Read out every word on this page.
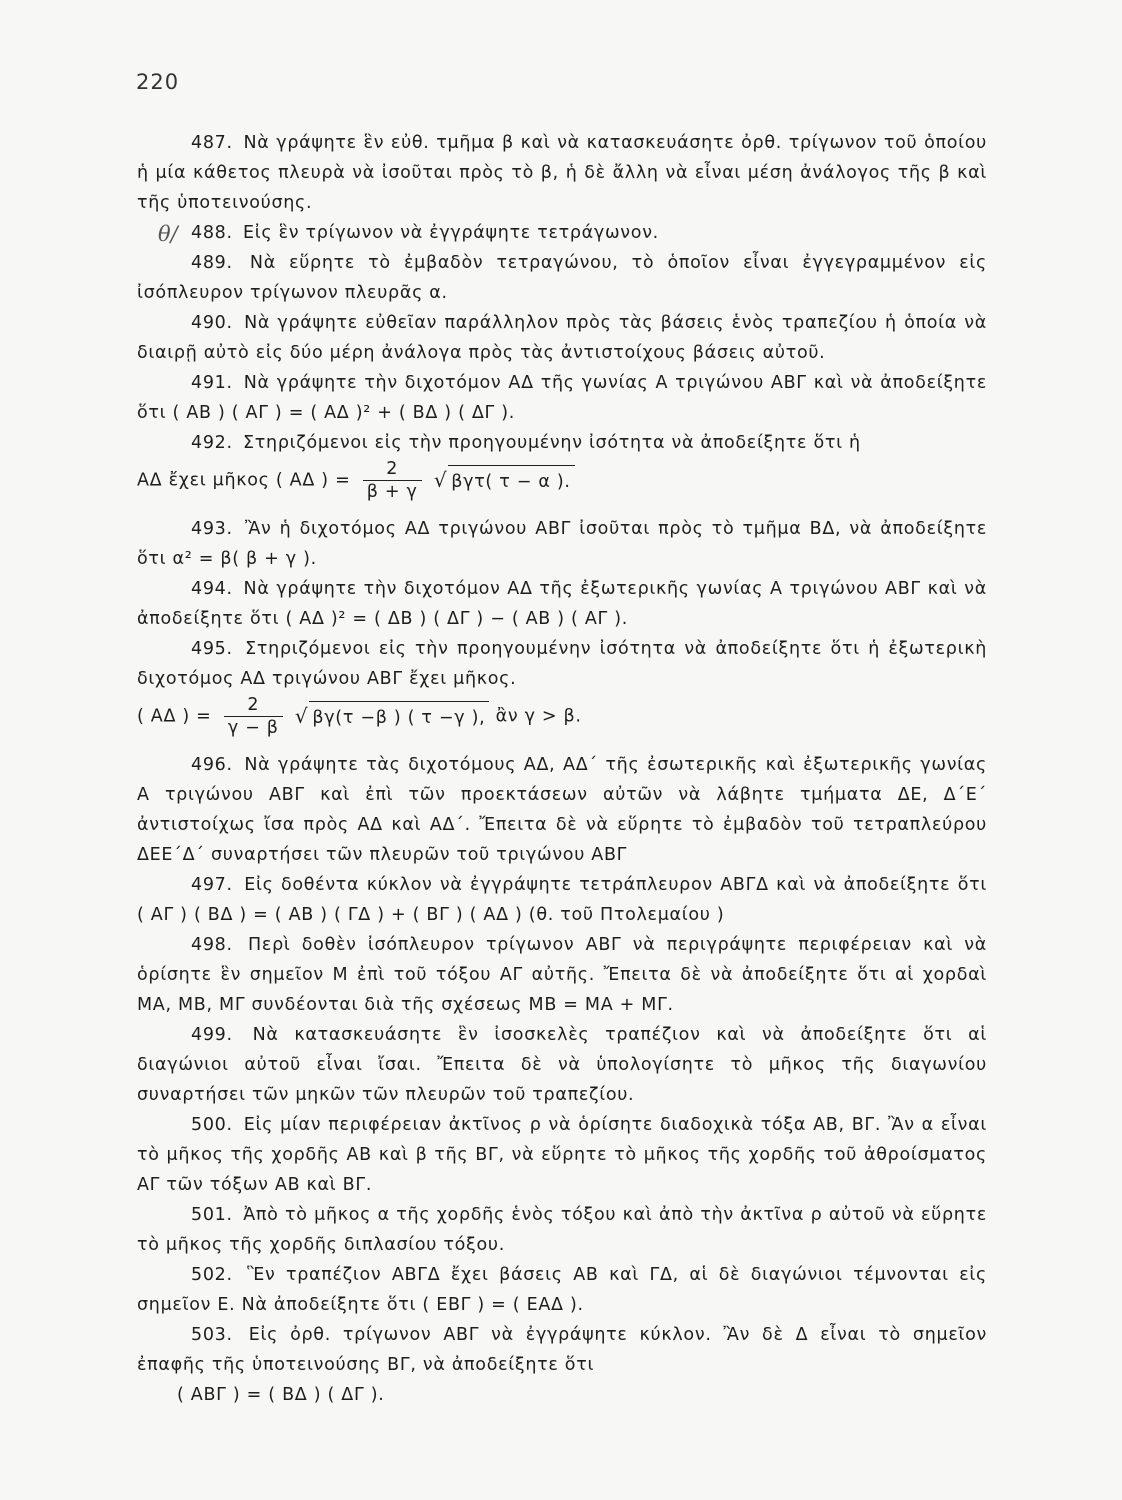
220
θ/

487. Νὰ γράψητε ἓν εὐθ. τμῆμα β καὶ νὰ κατασκευάσητε ὀρθ. τρίγωνον τοῦ ὁποίου ἡ μία κάθετος πλευρὰ νὰ ἰσοῦται πρὸς τὸ β, ἡ δὲ ἄλλη νὰ εἶναι μέση ἀνάλογος τῆς β καὶ τῆς ὑποτεινούσης.

488. Εἰς ἓν τρίγωνον νὰ ἐγγράψητε τετράγωνον.

489. Νὰ εὕρητε τὸ ἐμβαδὸν τετραγώνου, τὸ ὁποῖον εἶναι ἐγγεγραμμένον εἰς ἰσόπλευρον τρίγωνον πλευρᾶς α.

490. Νὰ γράψητε εὐθεῖαν παράλληλον πρὸς τὰς βάσεις ἑνὸς τραπεζίου ἡ ὁποία νὰ διαιρῇ αὐτὸ εἰς δύο μέρη ἀνάλογα πρὸς τὰς ἀντιστοίχους βάσεις αὐτοῦ.

491. Νὰ γράψητε τὴν διχοτόμον ΑΔ τῆς γωνίας Α τριγώνου ΑΒΓ καὶ νὰ ἀποδείξητε ὅτι ( ΑΒ ) ( ΑΓ ) = ( ΑΔ )² + ( ΒΔ ) ( ΔΓ ).

492. Στηριζόμενοι εἰς τὴν προηγουμένην ἰσότητα νὰ ἀποδείξητε ὅτι ἡ

ΑΔ ἔχει μῆκος ( ΑΔ ) = $\frac{2}{\beta + \gamma}$ √ βγτ( τ − α ).

493. Ἂν ἡ διχοτόμος ΑΔ τριγώνου ΑΒΓ ἰσοῦται πρὸς τὸ τμῆμα ΒΔ, νὰ ἀποδείξητε ὅτι α² = β( β + γ ).

494. Νὰ γράψητε τὴν διχοτόμον ΑΔ τῆς ἐξωτερικῆς γωνίας Α τριγώνου ΑΒΓ καὶ νὰ ἀποδείξητε ὅτι ( ΑΔ )² = ( ΔΒ ) ( ΔΓ ) − ( ΑΒ ) ( ΑΓ ).

495. Στηριζόμενοι εἰς τὴν προηγουμένην ἰσότητα νὰ ἀποδείξητε ὅτι ἡ ἐξωτερικὴ διχοτόμος ΑΔ τριγώνου ΑΒΓ ἔχει μῆκος.

( ΑΔ ) = $\frac{2}{\gamma - \beta}$ √ βγ(τ −β ) ( τ −γ ), ἂν γ > β.

496. Νὰ γράψητε τὰς διχοτόμους ΑΔ, ΑΔ΄ τῆς ἐσωτερικῆς καὶ ἐξωτερικῆς γωνίας Α τριγώνου ΑΒΓ καὶ ἐπὶ τῶν προεκτάσεων αὐτῶν νὰ λάβητε τμήματα ΔΕ, Δ΄Ε΄ ἀντιστοίχως ἴσα πρὸς ΑΔ καὶ ΑΔ΄. Ἔπειτα δὲ νὰ εὕρητε τὸ ἐμβαδὸν τοῦ τετραπλεύρου ΔΕΕ΄Δ΄ συναρτήσει τῶν πλευρῶν τοῦ τριγώνου ΑΒΓ

497. Εἰς δοθέντα κύκλον νὰ ἐγγράψητε τετράπλευρον ΑΒΓΔ καὶ νὰ ἀποδείξητε ὅτι ( ΑΓ ) ( ΒΔ ) = ( ΑΒ ) ( ΓΔ ) + ( ΒΓ ) ( ΑΔ ) (θ. τοῦ Πτολεμαίου )

498. Περὶ δοθὲν ἰσόπλευρον τρίγωνον ΑΒΓ νὰ περιγράψητε περιφέρειαν καὶ νὰ ὁρίσητε ἓν σημεῖον Μ ἐπὶ τοῦ τόξου ΑΓ αὐτῆς. Ἔπειτα δὲ νὰ ἀποδείξητε ὅτι αἱ χορδαὶ ΜΑ, ΜΒ, ΜΓ συνδέονται διὰ τῆς σχέσεως ΜΒ = ΜΑ + ΜΓ.

499. Νὰ κατασκευάσητε ἓν ἰσοσκελὲς τραπέζιον καὶ νὰ ἀποδείξητε ὅτι αἱ διαγώνιοι αὐτοῦ εἶναι ἴσαι. Ἔπειτα δὲ νὰ ὑπολογίσητε τὸ μῆκος τῆς διαγωνίου συναρτήσει τῶν μηκῶν τῶν πλευρῶν τοῦ τραπεζίου.

500. Εἰς μίαν περιφέρειαν ἀκτῖνος ρ νὰ ὁρίσητε διαδοχικὰ τόξα ΑΒ, ΒΓ. Ἂν α εἶναι τὸ μῆκος τῆς χορδῆς ΑΒ καὶ β τῆς ΒΓ, νὰ εὕρητε τὸ μῆκος τῆς χορδῆς τοῦ ἀθροίσματος ΑΓ τῶν τόξων ΑΒ καὶ ΒΓ.

501. Ἀπὸ τὸ μῆκος α τῆς χορδῆς ἑνὸς τόξου καὶ ἀπὸ τὴν ἀκτῖνα ρ αὐτοῦ νὰ εὕρητε τὸ μῆκος τῆς χορδῆς διπλασίου τόξου.

502. Ἓν τραπέζιον ΑΒΓΔ ἔχει βάσεις ΑΒ καὶ ΓΔ, αἱ δὲ διαγώνιοι τέμνονται εἰς σημεῖον Ε. Νὰ ἀποδείξητε ὅτι ( ΕΒΓ ) = ( ΕΑΔ ).

503. Εἰς ὀρθ. τρίγωνον ΑΒΓ νὰ ἐγγράψητε κύκλον. Ἂν δὲ Δ εἶναι τὸ σημεῖον ἐπαφῆς τῆς ὑποτεινούσης ΒΓ, νὰ ἀποδείξητε ὅτι

( ΑΒΓ ) = ( ΒΔ ) ( ΔΓ ).
